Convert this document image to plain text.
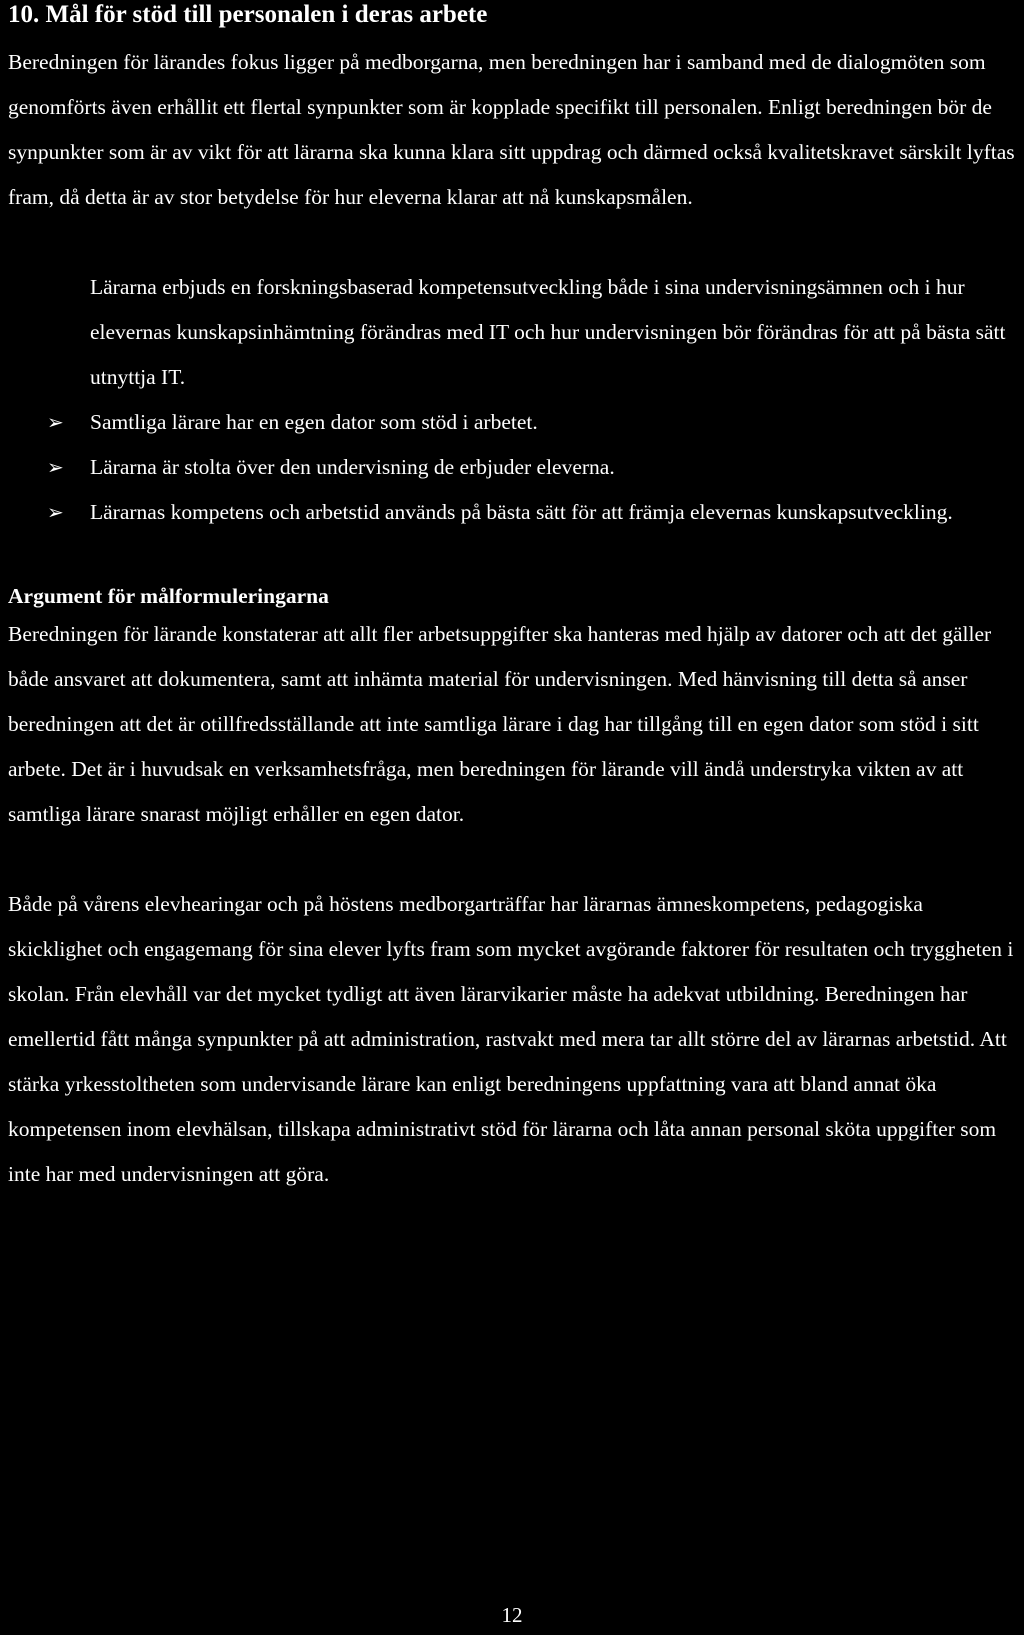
10. Mål för stöd till personalen i deras arbete

Beredningen för lärandes fokus ligger på medborgarna, men beredningen har i samband med de dialogmöten som genomförts även erhållit ett flertal synpunkter som är kopplade specifikt till personalen. Enligt beredningen bör de synpunkter som är av vikt för att lärarna ska kunna klara sitt uppdrag och därmed också kvalitetskravet särskilt lyftas fram, då detta är av stor betydelse för hur eleverna klarar att nå kunskapsmålen.

Lärarna erbjuds en forskningsbaserad kompetensutveckling både i sina undervisningsämnen och i hur elevernas kunskapsinhämtning förändras med IT och hur undervisningen bör förändras för att på bästa sätt utnyttja IT.

➢ Samtliga lärare har en egen dator som stöd i arbetet.
➢ Lärarna är stolta över den undervisning de erbjuder eleverna.
➢ Lärarnas kompetens och arbetstid används på bästa sätt för att främja elevernas kunskapsutveckling.
Argument för målformuleringarna

Beredningen för lärande konstaterar att allt fler arbetsuppgifter ska hanteras med hjälp av datorer och att det gäller både ansvaret att dokumentera, samt att inhämta material för undervisningen. Med hänvisning till detta så anser beredningen att det är otillfredsställande att inte samtliga lärare i dag har tillgång till en egen dator som stöd i sitt arbete. Det är i huvudsak en verksamhetsfråga, men beredningen för lärande vill ändå understryka vikten av att samtliga lärare snarast möjligt erhåller en egen dator.

Både på vårens elevhearingar och på höstens medborgarträffar har lärarnas ämneskompetens, pedagogiska skicklighet och engagemang för sina elever lyfts fram som mycket avgörande faktorer för resultaten och tryggheten i skolan. Från elevhåll var det mycket tydligt att även lärarvikarier måste ha adekvat utbildning. Beredningen har emellertid fått många synpunkter på att administration, rastvakt med mera tar allt större del av lärarnas arbetstid. Att stärka yrkesstoltheten som undervisande lärare kan enligt beredningens uppfattning vara att bland annat öka kompetensen inom elevhälsan, tillskapa administrativt stöd för lärarna och låta annan personal sköta uppgifter som inte har med undervisningen att göra.

12
